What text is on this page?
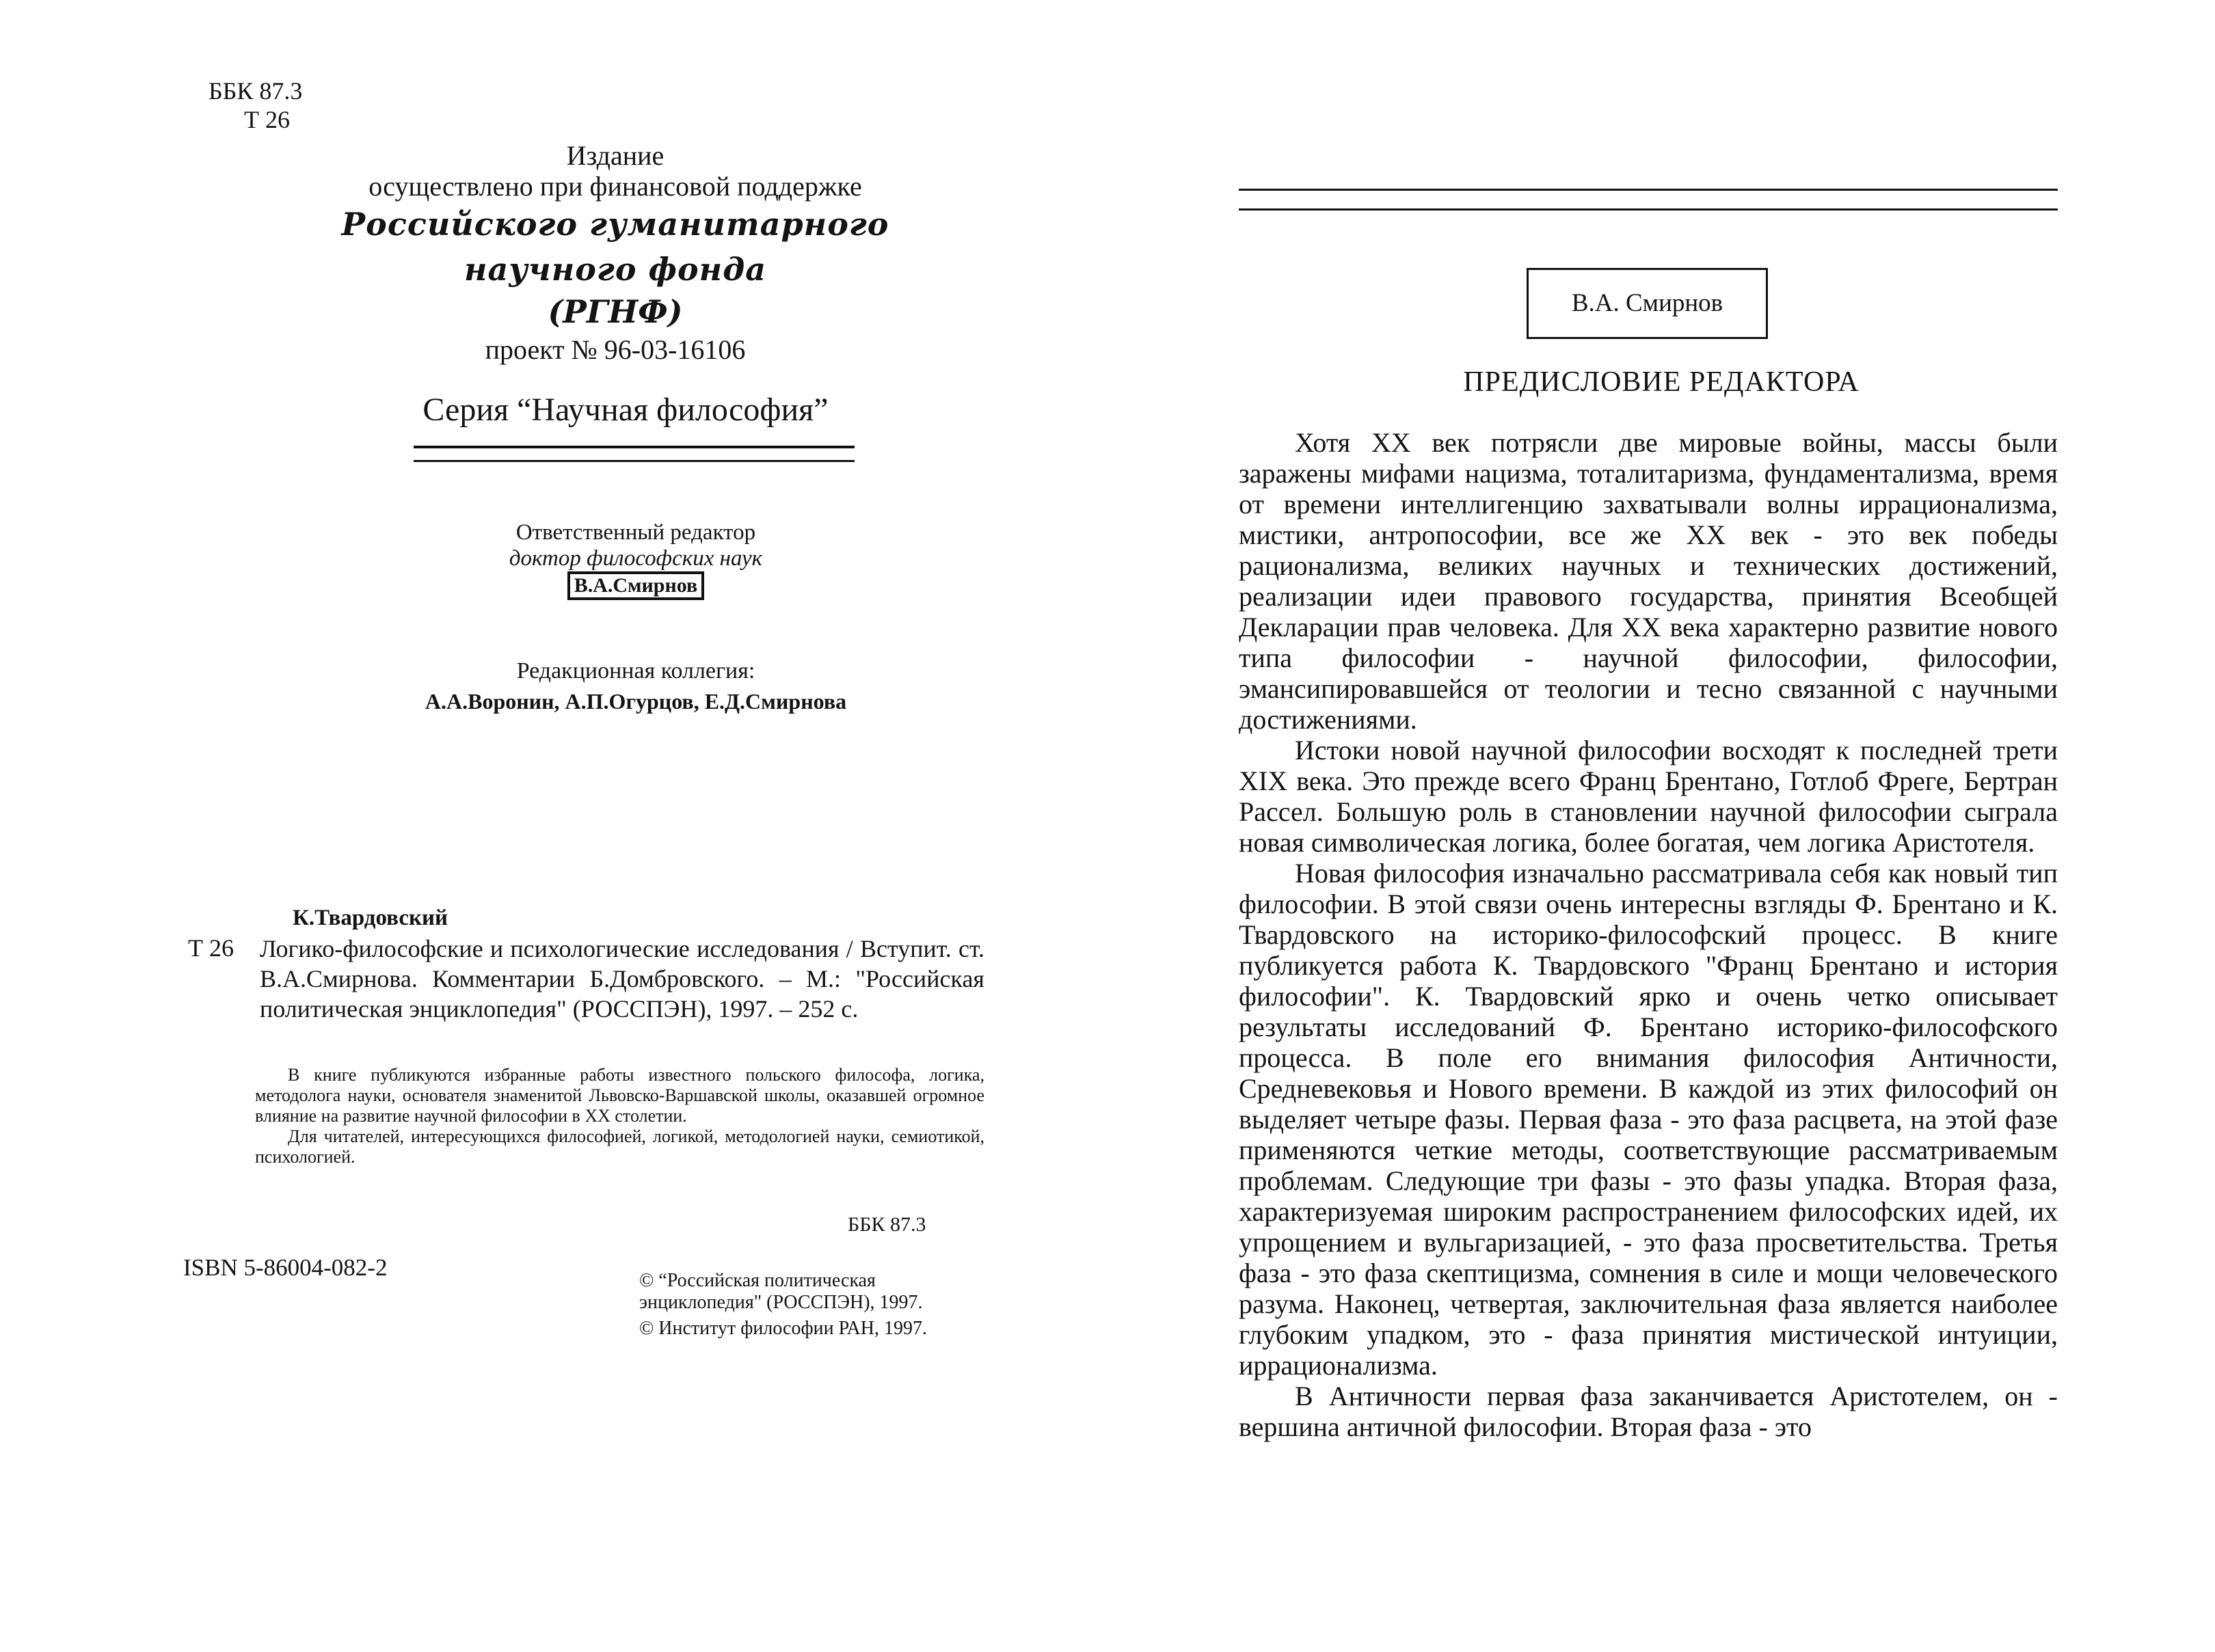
ББК 87.3
Т 26
Издание
осуществлено при финансовой поддержке
Российского гуманитарного научного фонда
(РГНФ)
проект № 96-03-16106
Серия “Научная философия”
Ответственный редактор
доктор философских наук
В.А.Смирнов
Редакционная коллегия:
А.А.Воронин, А.П.Огурцов, Е.Д.Смирнова
К.Твардовский
Т 26 Логико-философские и психологические исследования / Вступит. ст. В.А.Смирнова. Комментарии Б.Домбровского. – М.: "Российская политическая энциклопедия" (РОССПЭН), 1997. – 252 с.

В книге публикуются избранные работы известного польского философа, логика, методолога науки, основателя знаменитой Львовско-Варшавской школы, оказавшей огромное влияние на развитие научной философии в XX столетии.

Для читателей, интересующихся философией, логикой, методологией науки, семиотикой, психологией.

ББК 87.3
ISBN 5-86004-082-2	© “Российская политическая энциклопедия" (РОССПЭН), 1997.

© Институт философии РАН, 1997.

В.А. Смирнов
ПРЕДИСЛОВИЕ РЕДАКТОРА

Хотя XX век потрясли две мировые войны, массы были заражены мифами нацизма, тоталитаризма, фундаментализма, время от времени интеллигенцию захватывали волны иррационализма, мистики, антропософии, все же XX век - это век победы рационализма, великих научных и технических достижений, реализации идеи правового государства, принятия Всеобщей Декларации прав человека. Для XX века характерно развитие нового типа философии - научной философии, философии, эмансипировавшейся от теологии и тесно связанной с научными достижениями.

Истоки новой научной философии восходят к последней трети XIX века. Это прежде всего Франц Брентано, Готлоб Фреге, Бертран Рассел. Большую роль в становлении научной философии сыграла новая символическая логика, более богатая, чем логика Аристотеля.

Новая философия изначально рассматривала себя как новый тип философии. В этой связи очень интересны взгляды Ф. Брентано и К. Твардовского на историко-философский процесс. В книге публикуется работа К. Твардовского "Франц Брентано и история философии". К. Твардовский ярко и очень четко описывает результаты исследований Ф. Брентано историко-философского процесса. В поле его внимания философия Античности, Средневековья и Нового времени. В каждой из этих философий он выделяет четыре фазы. Первая фаза - это фаза расцвета, на этой фазе применяются четкие методы, соответствующие рассматриваемым проблемам. Следующие три фазы - это фазы упадка. Вторая фаза, характеризуемая широким распространением философских идей, их упрощением и вульгаризацией, - это фаза просветительства. Третья фаза - это фаза скептицизма, сомнения в силе и мощи человеческого разума. Наконец, четвертая, заключительная фаза является наиболее глубоким упадком, это - фаза принятия мистической интуиции, иррационализма.

В Античности первая фаза заканчивается Аристотелем, он - вершина античной философии. Вторая фаза - это
